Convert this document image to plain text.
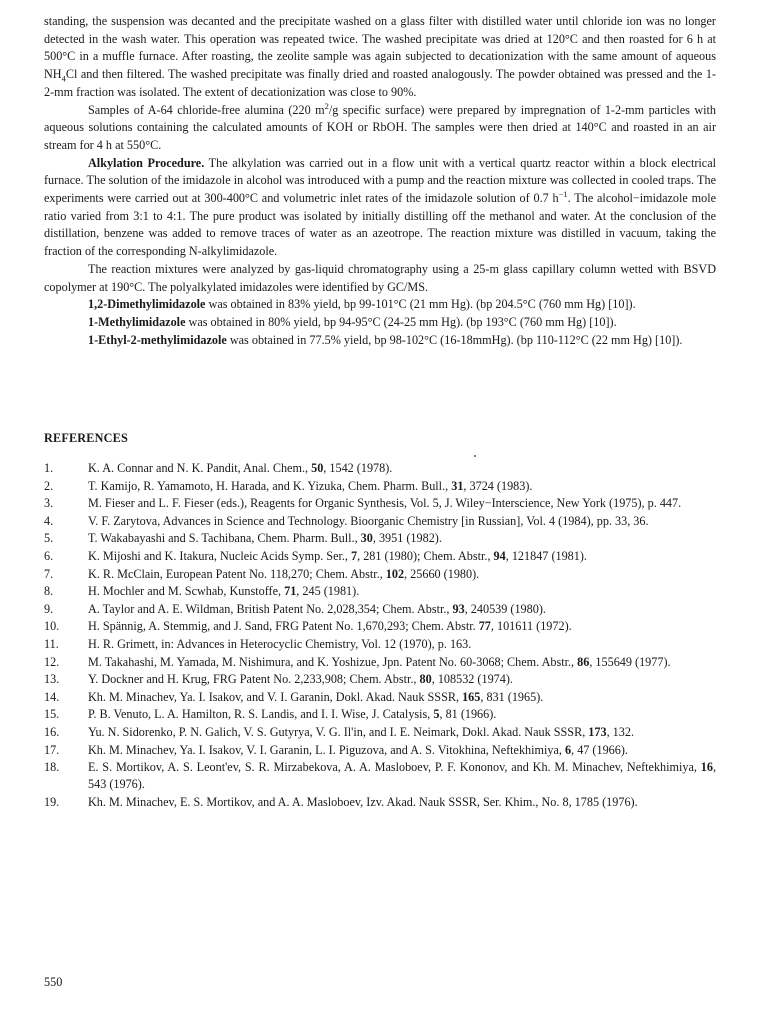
standing, the suspension was decanted and the precipitate washed on a glass filter with distilled water until chloride ion was no longer detected in the wash water. This operation was repeated twice. The washed precipitate was dried at 120°C and then roasted for 6 h at 500°C in a muffle furnace. After roasting, the zeolite sample was again subjected to decationization with the same amount of aqueous $NH_4Cl$ and then filtered. The washed precipitate was finally dried and roasted analogously. The powder obtained was pressed and the 1-2-mm fraction was isolated. The extent of decationization was close to 90%.

Samples of A-64 chloride-free alumina (220 $m^2/g$ specific surface) were prepared by impregnation of 1-2-mm particles with aqueous solutions containing the calculated amounts of KOH or RbOH. The samples were then dried at 140°C and roasted in an air stream for 4 h at 550°C.

Alkylation Procedure. The alkylation was carried out in a flow unit with a vertical quartz reactor within a block electrical furnace. The solution of the imidazole in alcohol was introduced with a pump and the reaction mixture was collected in cooled traps. The experiments were carried out at 300-400°C and volumetric inlet rates of the imidazole solution of 0.7 $h^{-1}$. The alcohol−imidazole mole ratio varied from 3:1 to 4:1. The pure product was isolated by initially distilling off the methanol and water. At the conclusion of the distillation, benzene was added to remove traces of water as an azeotrope. The reaction mixture was distilled in vacuum, taking the fraction of the corresponding N-alkylimidazole.

The reaction mixtures were analyzed by gas-liquid chromatography using a 25-m glass capillary column wetted with BSVD copolymer at 190°C. The polyalkylated imidazoles were identified by GC/MS.

1,2-Dimethylimidazole was obtained in 83% yield, bp 99-101°C (21 mm Hg). (bp 204.5°C (760 mm Hg) [10]).

1-Methylimidazole was obtained in 80% yield, bp 94-95°C (24-25 mm Hg). (bp 193°C (760 mm Hg) [10]).

1-Ethyl-2-methylimidazole was obtained in 77.5% yield, bp 98-102°C (16-18mmHg). (bp 110-112°C (22 mm Hg) [10]).

REFERENCES
1.	K. A. Connar and N. K. Pandit, Anal. Chem., 50, 1542 (1978).
2.	T. Kamijo, R. Yamamoto, H. Harada, and K. Yizuka, Chem. Pharm. Bull., 31, 3724 (1983).
3.	M. Fieser and L. F. Fieser (eds.), Reagents for Organic Synthesis, Vol. 5, J. Wiley−Interscience, New York (1975), p. 447.
4.	V. F. Zarytova, Advances in Science and Technology. Bioorganic Chemistry [in Russian], Vol. 4 (1984), pp. 33, 36.
5.	T. Wakabayashi and S. Tachibana, Chem. Pharm. Bull., 30, 3951 (1982).
6.	K. Mijoshi and K. Itakura, Nucleic Acids Symp. Ser., 7, 281 (1980); Chem. Abstr., 94, 121847 (1981).
7.	K. R. McClain, European Patent No. 118,270; Chem. Abstr., 102, 25660 (1980).
8.	H. Mochler and M. Scwhab, Kunstoffe, 71, 245 (1981).
9.	A. Taylor and A. E. Wildman, British Patent No. 2,028,354; Chem. Abstr., 93, 240539 (1980).
10.	H. Spännig, A. Stemmig, and J. Sand, FRG Patent No. 1,670,293; Chem. Abstr. 77, 101611 (1972).
11.	H. R. Grimett, in: Advances in Heterocyclic Chemistry, Vol. 12 (1970), p. 163.
12.	M. Takahashi, M. Yamada, M. Nishimura, and K. Yoshizue, Jpn. Patent No. 60-3068; Chem. Abstr., 86, 155649 (1977).
13.	Y. Dockner and H. Krug, FRG Patent No. 2,233,908; Chem. Abstr., 80, 108532 (1974).
14.	Kh. M. Minachev, Ya. I. Isakov, and V. I. Garanin, Dokl. Akad. Nauk SSSR, 165, 831 (1965).
15.	P. B. Venuto, L. A. Hamilton, R. S. Landis, and I. I. Wise, J. Catalysis, 5, 81 (1966).
16.	Yu. N. Sidorenko, P. N. Galich, V. S. Gutyrya, V. G. Il'in, and I. E. Neimark, Dokl. Akad. Nauk SSSR, 173, 132.
17.	Kh. M. Minachev, Ya. I. Isakov, V. I. Garanin, L. I. Piguzova, and A. S. Vitokhina, Neftekhimiya, 6, 47 (1966).
18.	E. S. Mortikov, A. S. Leont'ev, S. R. Mirzabekova, A. A. Masloboev, P. F. Kononov, and Kh. M. Minachev, Neftekhimiya, 16, 543 (1976).
19.	Kh. M. Minachev, E. S. Mortikov, and A. A. Masloboev, Izv. Akad. Nauk SSSR, Ser. Khim., No. 8, 1785 (1976).
550
